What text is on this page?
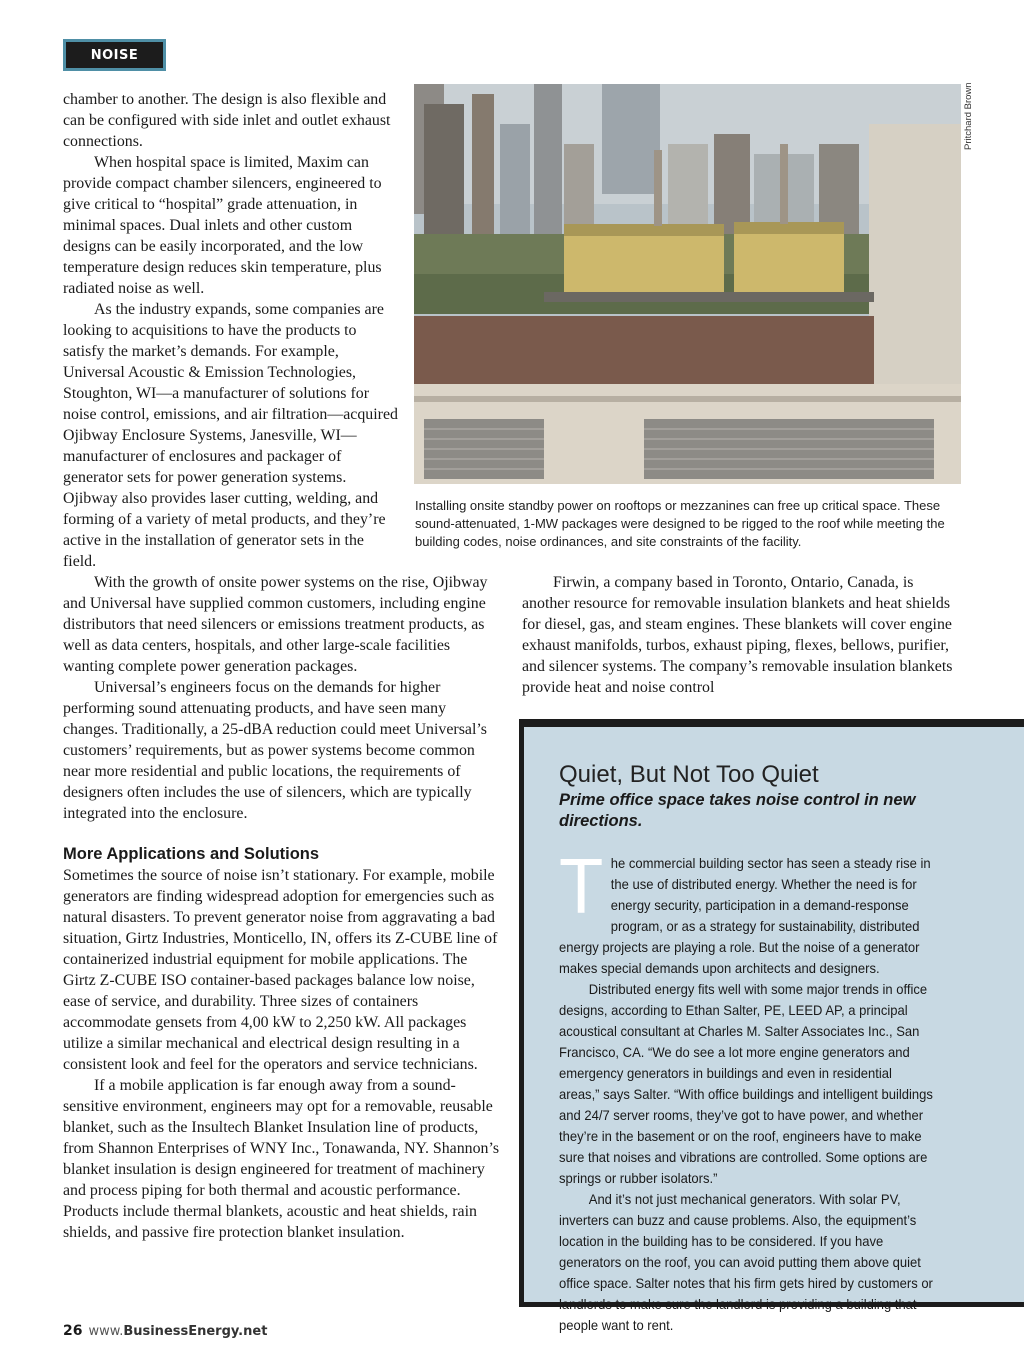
NOISE

chamber to another. The design is also flexible and can be configured with side inlet and outlet exhaust connections.

When hospital space is limited, Maxim can provide compact chamber silencers, engineered to give critical to “hospital” grade attenuation, in minimal spaces. Dual inlets and other custom designs can be easily incorporated, and the low temperature design reduces skin temperature, plus radiated noise as well.

As the industry expands, some companies are looking to acquisitions to have the products to satisfy the market’s demands. For example, Universal Acoustic & Emission Technologies, Stoughton, WI—a manufacturer of solutions for noise control, emissions, and air filtration—acquired Ojibway Enclosure Systems, Janesville, WI—manufacturer of enclosures and packager of generator sets for power generation systems.

Ojibway also provides laser cutting, welding, and forming of a variety of metal products, and they’re active in the installation of generator sets in the field.

Pritchard Brown
Installing onsite standby power on rooftops or mezzanines can free up critical space. These sound-attenuated, 1-MW packages were designed to be rigged to the roof while meeting the building codes, noise ordinances, and site constraints of the facility.

With the growth of onsite power systems on the rise, Ojibway and Universal have supplied common customers, including engine distributors that need silencers or emissions treatment products, as well as data centers, hospitals, and other large-scale facilities wanting complete power generation packages.

Universal’s engineers focus on the demands for higher performing sound attenuating products, and have seen many changes. Traditionally, a 25-dBA reduction could meet Universal’s customers’ requirements, but as power systems become common near more residential and public locations, the requirements of designers often includes the use of silencers, which are typically integrated into the enclosure.

More Applications and Solutions

Sometimes the source of noise isn’t stationary. For example, mobile generators are finding widespread adoption for emergencies such as natural disasters. To prevent generator noise from aggravating a bad situation, Girtz Industries, Monticello, IN, offers its Z-CUBE line of containerized industrial equipment for mobile applications. The Girtz Z-CUBE ISO container-based packages balance low noise, ease of service, and durability. Three sizes of containers accommodate gensets from 4,00 kW to 2,250 kW. All packages utilize a similar mechanical and electrical design resulting in a consistent look and feel for the operators and service technicians.

If a mobile application is far enough away from a sound-sensitive environment, engineers may opt for a removable, reusable blanket, such as the Insultech Blanket Insulation line of products, from Shannon Enterprises of WNY Inc., Tonawanda, NY. Shannon’s blanket insulation is design engineered for treatment of machinery and process piping for both thermal and acoustic performance. Products include thermal blankets, acoustic and heat shields, rain shields, and passive fire protection blanket insulation.

Firwin, a company based in Toronto, Ontario, Canada, is another resource for removable insulation blankets and heat shields for diesel, gas, and steam engines. These blankets will cover engine exhaust manifolds, turbos, exhaust piping, flexes, bellows, purifier, and silencer systems. The company’s removable insulation blankets provide heat and noise control

Quiet, But Not Too Quiet
Prime office space takes noise control in new directions.

The commercial building sector has seen a steady rise in the use of distributed energy. Whether the need is for energy security, participation in a demand-response program, or as a strategy for sustainability, distributed energy projects are playing a role. But the noise of a generator makes special demands upon architects and designers.

Distributed energy fits well with some major trends in office designs, according to Ethan Salter, PE, LEED AP, a principal acoustical consultant at Charles M. Salter Associates Inc., San Francisco, CA. “We do see a lot more engine generators and emergency generators in buildings and even in residential areas,” says Salter. “With office buildings and intelligent buildings and 24/7 server rooms, they’ve got to have power, and whether they’re in the basement or on the roof, engineers have to make sure that noises and vibrations are controlled. Some options are springs or rubber isolators.”

And it’s not just mechanical generators. With solar PV, inverters can buzz and cause problems. Also, the equipment’s location in the building has to be considered. If you have generators on the roof, you can avoid putting them above quiet office space. Salter notes that his firm gets hired by customers or landlords to make sure the landlord is providing a building that people want to rent.

26 www.BusinessEnergy.net
